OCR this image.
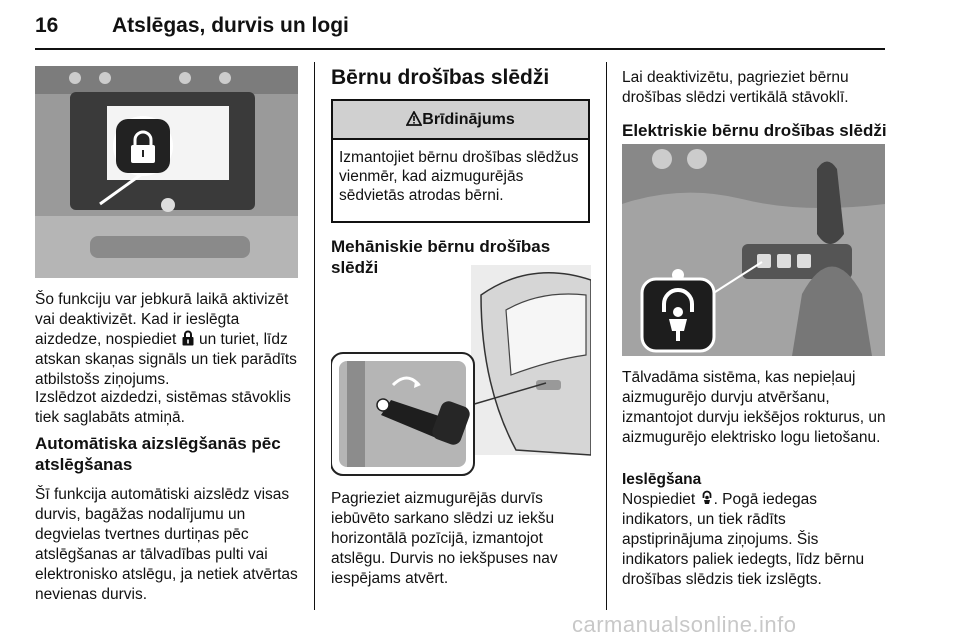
16	Atslēgas, durvis un logi

Šo funkciju var jebkurā laikā aktivizēt vai deaktivizēt. Kad ir ieslēgta aizdedze, nospiediet un turiet, līdz atskan skaņas signāls un tiek parādīts atbilstošs ziņojums.

Izslēdzot aizdedzi, sistēmas stāvoklis tiek saglabāts atmiņā.

Automātiska aizslēgšanās pēc atslēgšanas

Šī funkcija automātiski aizslēdz visas durvis, bagāžas nodalījumu un degvielas tvertnes durtiņas pēc atslēgšanas ar tālvadības pulti vai elektronisko atslēgu, ja netiek atvērtas nevienas durvis.

Bērnu drošības slēdži
Brīdinājums
Izmantojiet bērnu drošības slēdžus vienmēr, kad aizmugurējās sēdvietās atrodas bērni.
Mehāniskie bērnu drošības slēdži

Pagrieziet aizmugurējās durvīs iebūvēto sarkano slēdzi uz iekšu horizontālā pozīcijā, izmantojot atslēgu. Durvis no iekšpuses nav iespējams atvērt.

Lai deaktivizētu, pagrieziet bērnu drošības slēdzi vertikālā stāvoklī.

Elektriskie bērnu drošības slēdži

Tālvadāma sistēma, kas nepieļauj aizmugurējo durvju atvēršanu, izmantojot durvju iekšējos rokturus, un aizmugurējo elektrisko logu lietošanu.

Ieslēgšana

Nospiediet . Pogā iedegas indikators, un tiek rādīts apstiprinājuma ziņojums. Šis indikators paliek iedegts, līdz bērnu drošības slēdzis tiek izslēgts.

carmanualsonline.info
